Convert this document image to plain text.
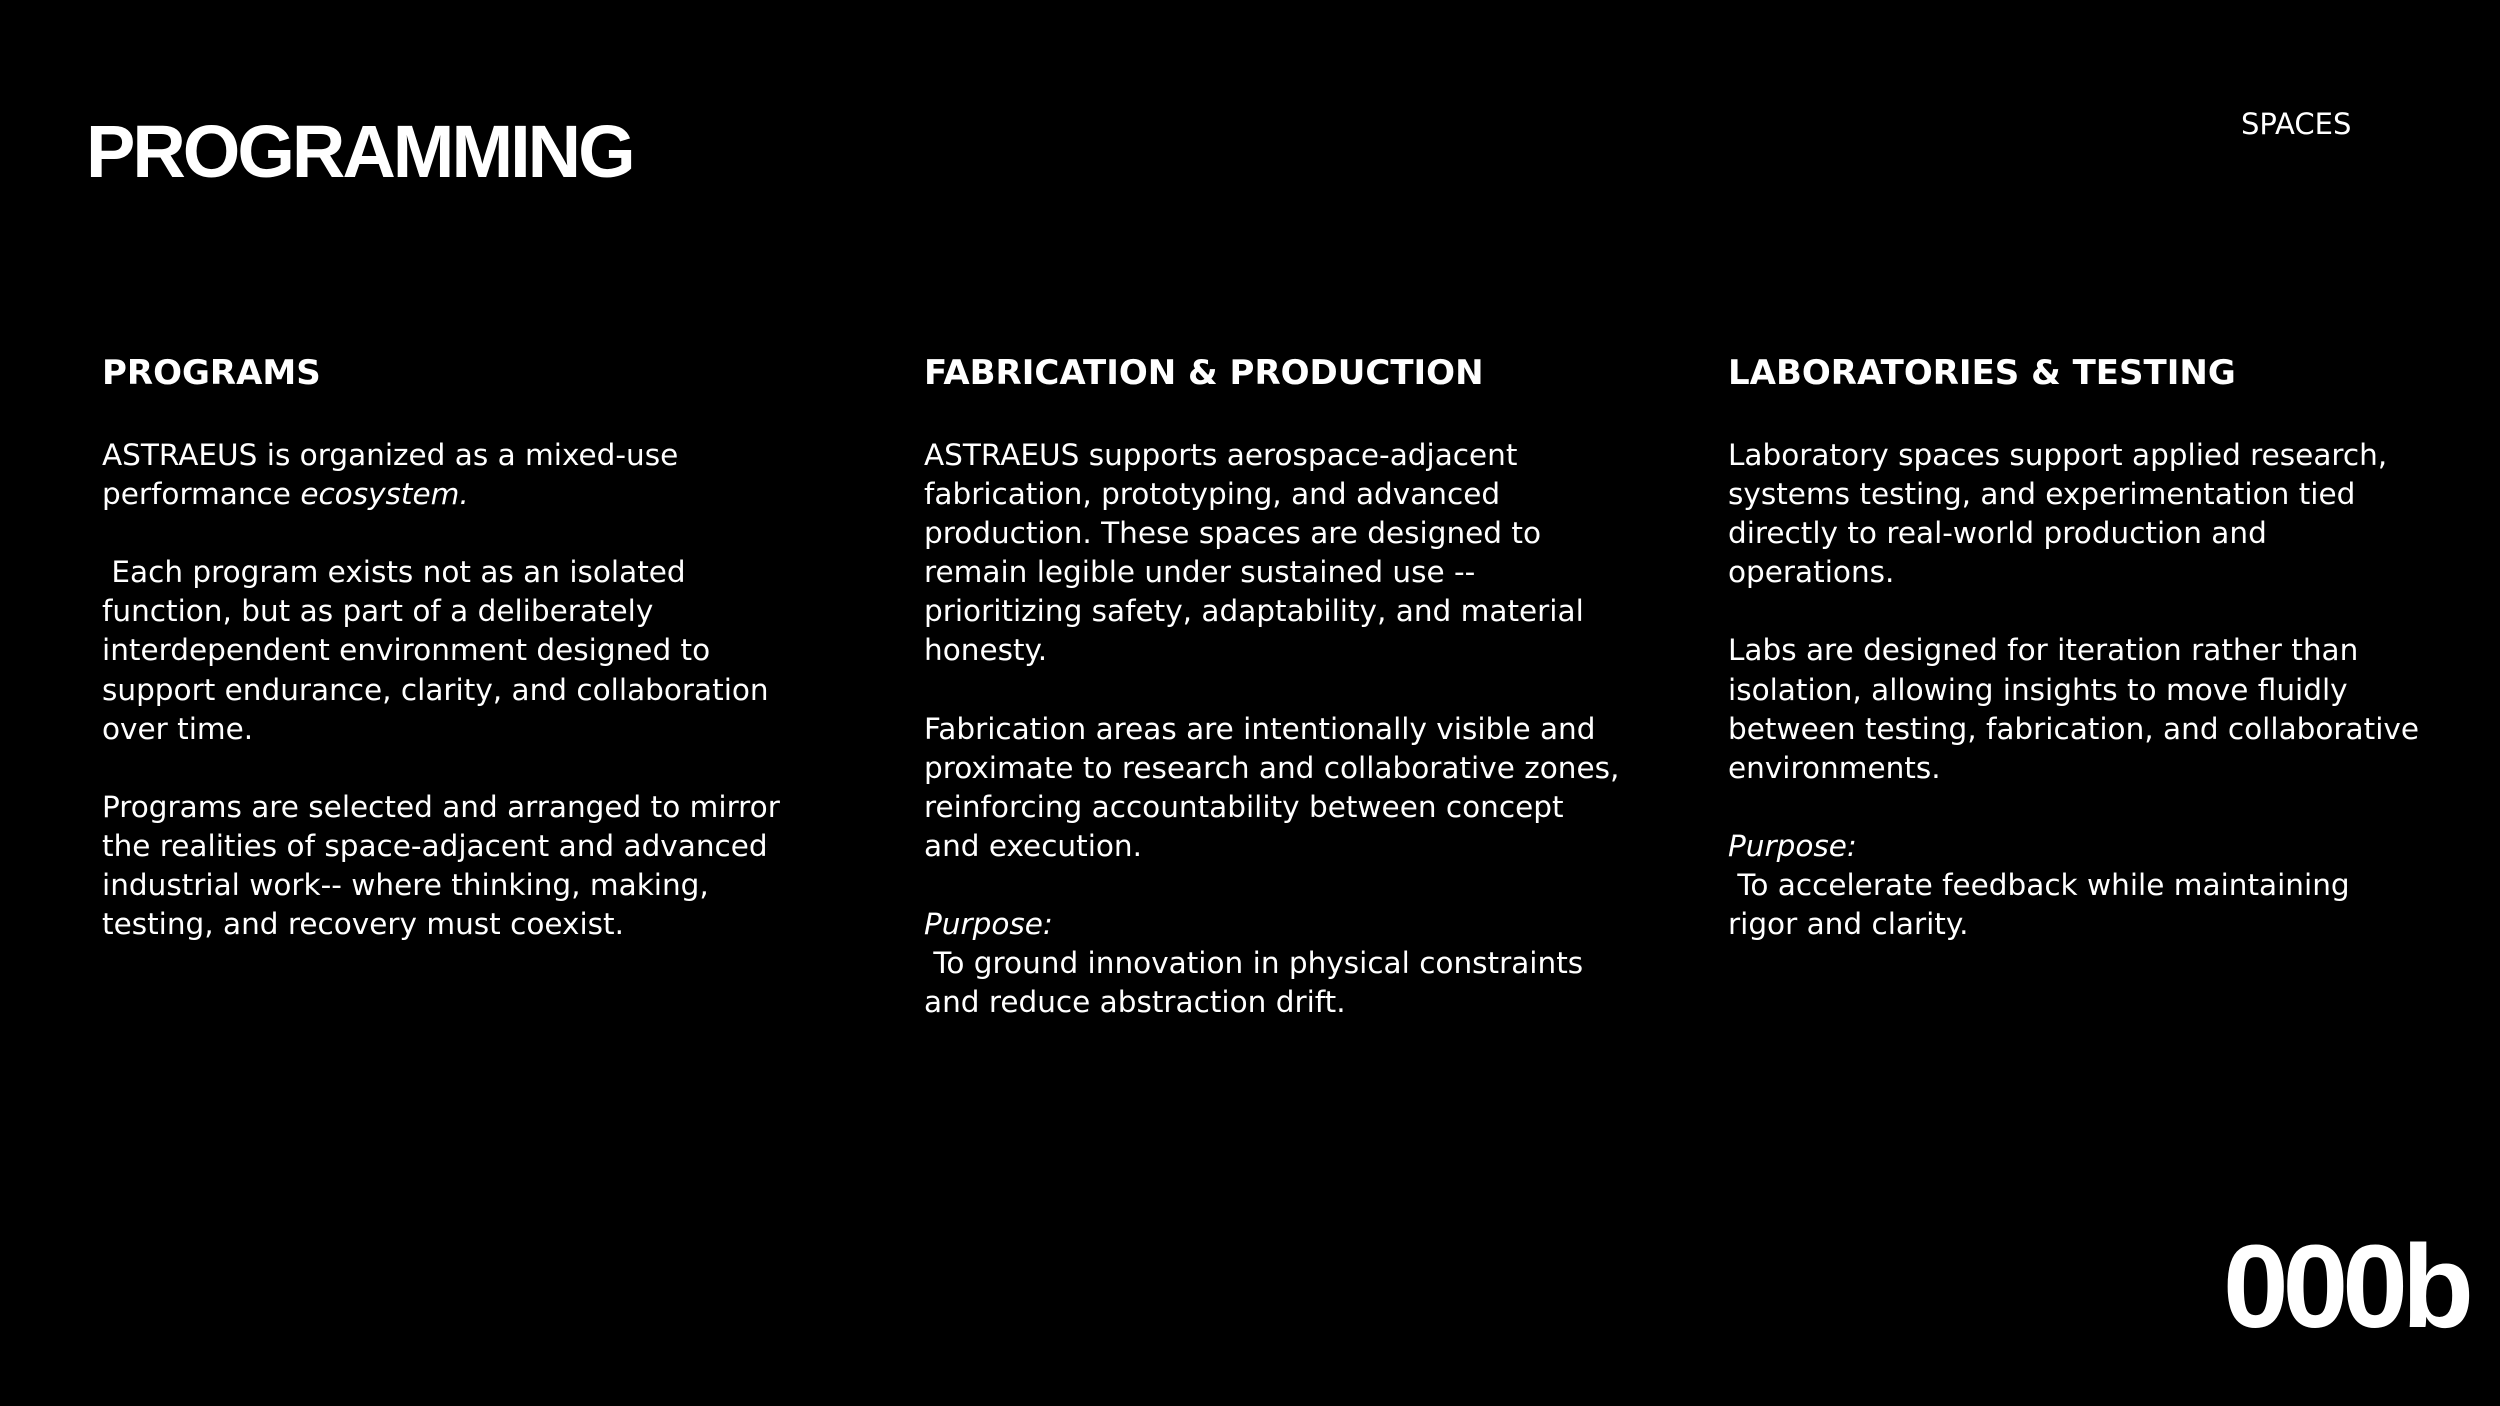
PROGRAMMING	SPACES
PROGRAMS

ASTRAEUS is organized as a mixed-use performance ecosystem.

Each program exists not as an isolated function, but as part of a deliberately interdependent environment designed to support endurance, clarity, and collaboration over time.

Programs are selected and arranged to mirror the realities of space-adjacent and advanced industrial work-- where thinking, making, testing, and recovery must coexist.

FABRICATION & PRODUCTION

ASTRAEUS supports aerospace-adjacent fabrication, prototyping, and advanced production. These spaces are designed to remain legible under sustained use -- prioritizing safety, adaptability, and material honesty.

Fabrication areas are intentionally visible and proximate to research and collaborative zones, reinforcing accountability between concept and execution.

Purpose:
To ground innovation in physical constraints and reduce abstraction drift.

LABORATORIES & TESTING

Laboratory spaces support applied research, systems testing, and experimentation tied directly to real-world production and operations.

Labs are designed for iteration rather than isolation, allowing insights to move fluidly between testing, fabrication, and collaborative environments.

Purpose:
To accelerate feedback while maintaining rigor and clarity.

000b
